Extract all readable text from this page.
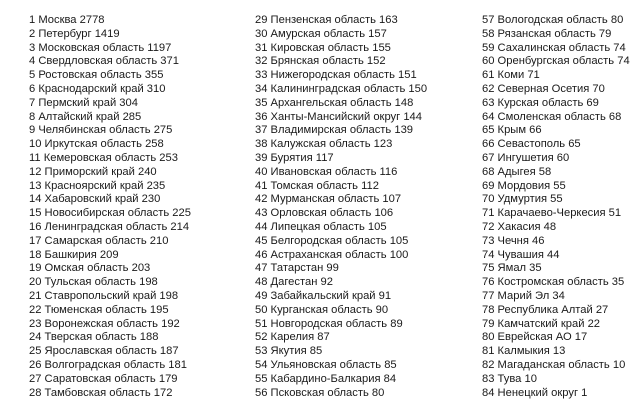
1 Москва 2778
2 Петербург 1419
3 Московская область 1197
4 Свердловская область 371
5 Ростовская область 355
6 Краснодарский край 310
7 Пермский край 304
8 Алтайский край 285
9 Челябинская область 275
10 Иркутская область 258
11 Кемеровская область 253
12 Приморский край 240
13 Красноярский край 235
14 Хабаровский край 230
15 Новосибирская область 225
16 Ленинградская область 214
17 Самарская область 210
18 Башкирия 209
19 Омская область 203
20 Тульская область 198
21 Ставропольский край 198
22 Тюменская область 195
23 Воронежская область 192
24 Тверская область 188
25 Ярославская область 187
26 Волгоградская область 181
27 Саратовская область 179
28 Тамбовская область 172
29 Пензенская область 163
30 Амурская область 157
31 Кировская область 155
32 Брянская область 152
33 Нижегородская область 151
34 Калининградская область 150
35 Архангельская область 148
36 Ханты-Мансийский округ 144
37 Владимирская область 139
38 Калужская область 123
39 Бурятия 117
40 Ивановская область 116
41 Томская область 112
42 Мурманская область 107
43 Орловская область 106
44 Липецкая область 105
45 Белгородская область 105
46 Астраханская область 100
47 Татарстан 99
48 Дагестан 92
49 Забайкальский край 91
50 Курганская область 90
51 Новгородская область 89
52 Карелия 87
53 Якутия 85
54 Ульяновская область 85
55 Кабардино-Балкария 84
56 Псковская область 80
57 Вологодская область 80
58 Рязанская область 79
59 Сахалинская область 74
60 Оренбургская область 74
61 Коми 71
62 Северная Осетия 70
63 Курская область 69
64 Смоленская область 68
65 Крым 66
66 Севастополь 65
67 Ингушетия 60
68 Адыгея 58
69 Мордовия 55
70 Удмуртия 55
71 Карачаево-Черкесия 51
72 Хакасия 48
73 Чечня 46
74 Чувашия 44
75 Ямал 35
76 Костромская область 35
77 Марий Эл 34
78 Республика Алтай 27
79 Камчатский край 22
80 Еврейская АО 17
81 Калмыкия 13
82 Магаданская область 10
83 Тува 10
84 Ненецкий округ 1
